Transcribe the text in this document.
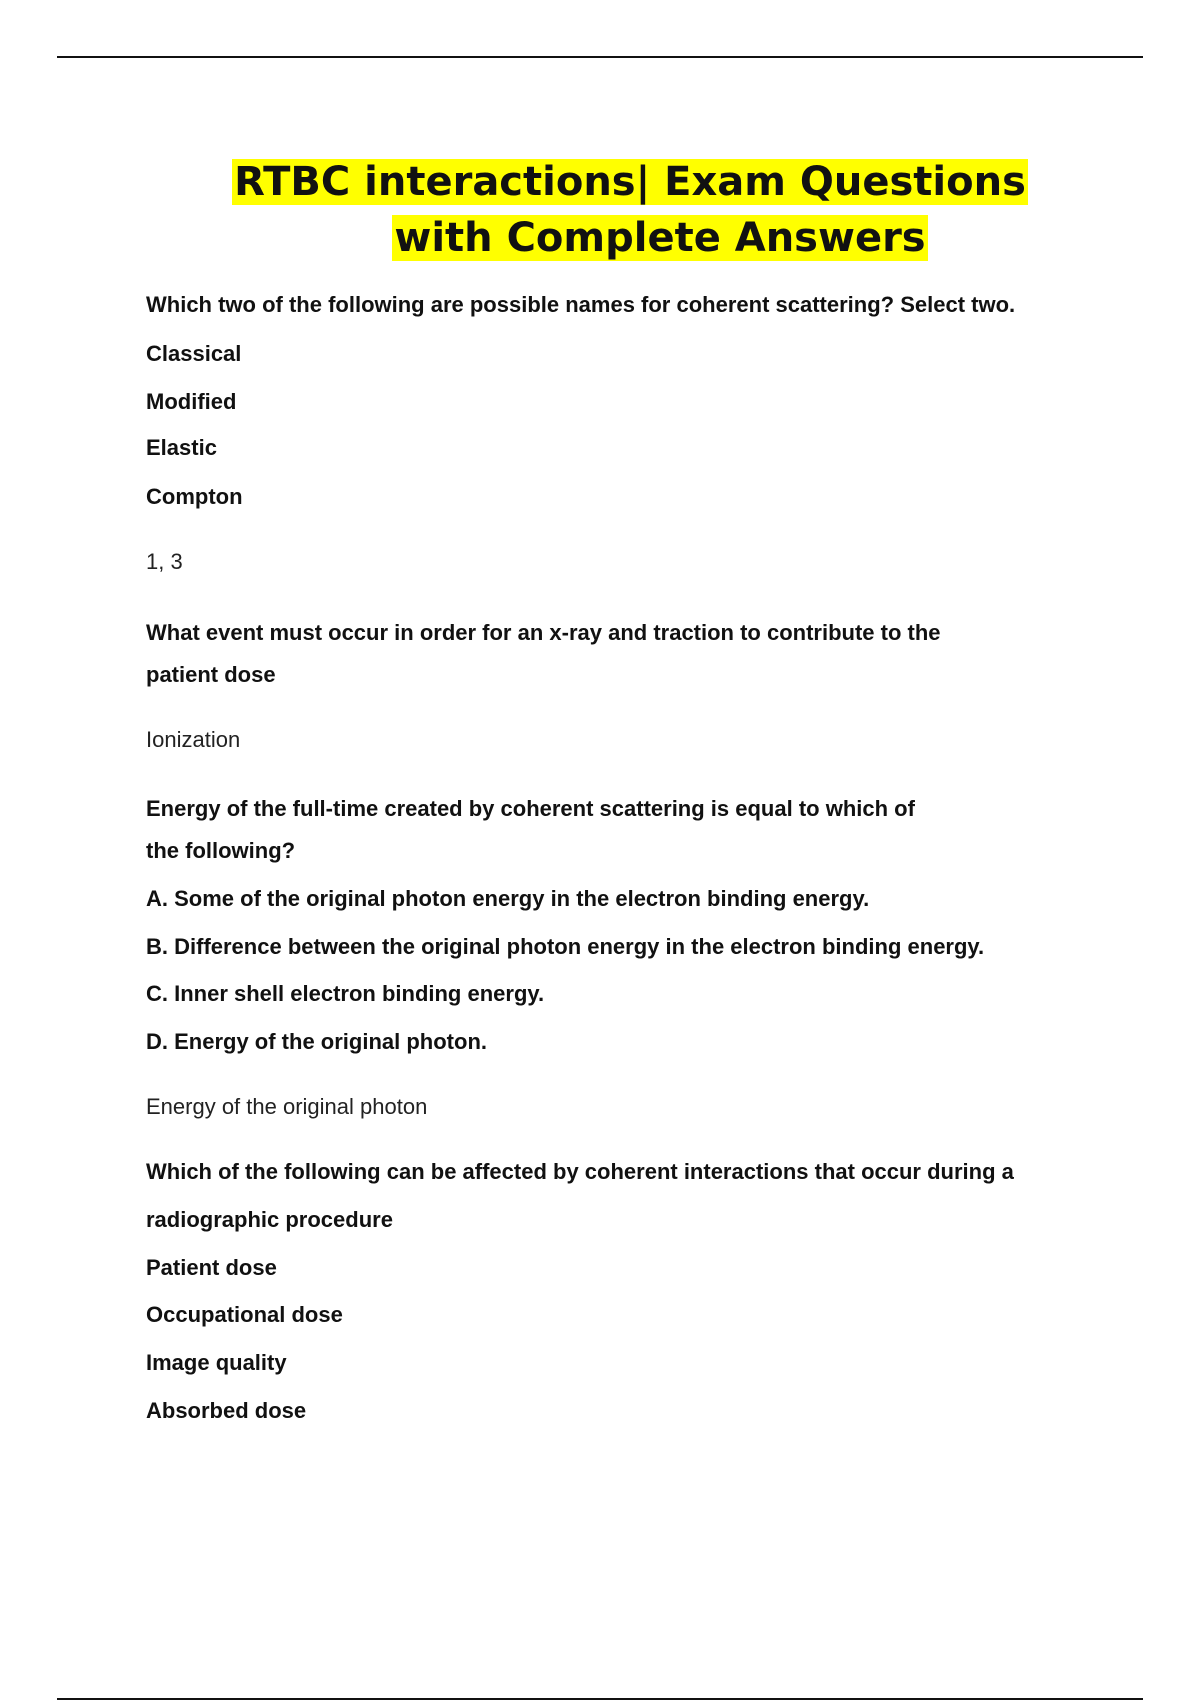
RTBC interactions| Exam Questions
with Complete Answers
Which two of the following are possible names for coherent scattering? Select two.
Classical
Modified
Elastic
Compton
1, 3
What event must occur in order for an x-ray and traction to contribute to the
patient dose
Ionization
Energy of the full-time created by coherent scattering is equal to which of
the following?
A. Some of the original photon energy in the electron binding energy.
B. Difference between the original photon energy in the electron binding energy.
C. Inner shell electron binding energy.
D. Energy of the original photon.
Energy of the original photon
Which of the following can be affected by coherent interactions that occur during a
radiographic procedure
Patient dose
Occupational dose
Image quality
Absorbed dose
